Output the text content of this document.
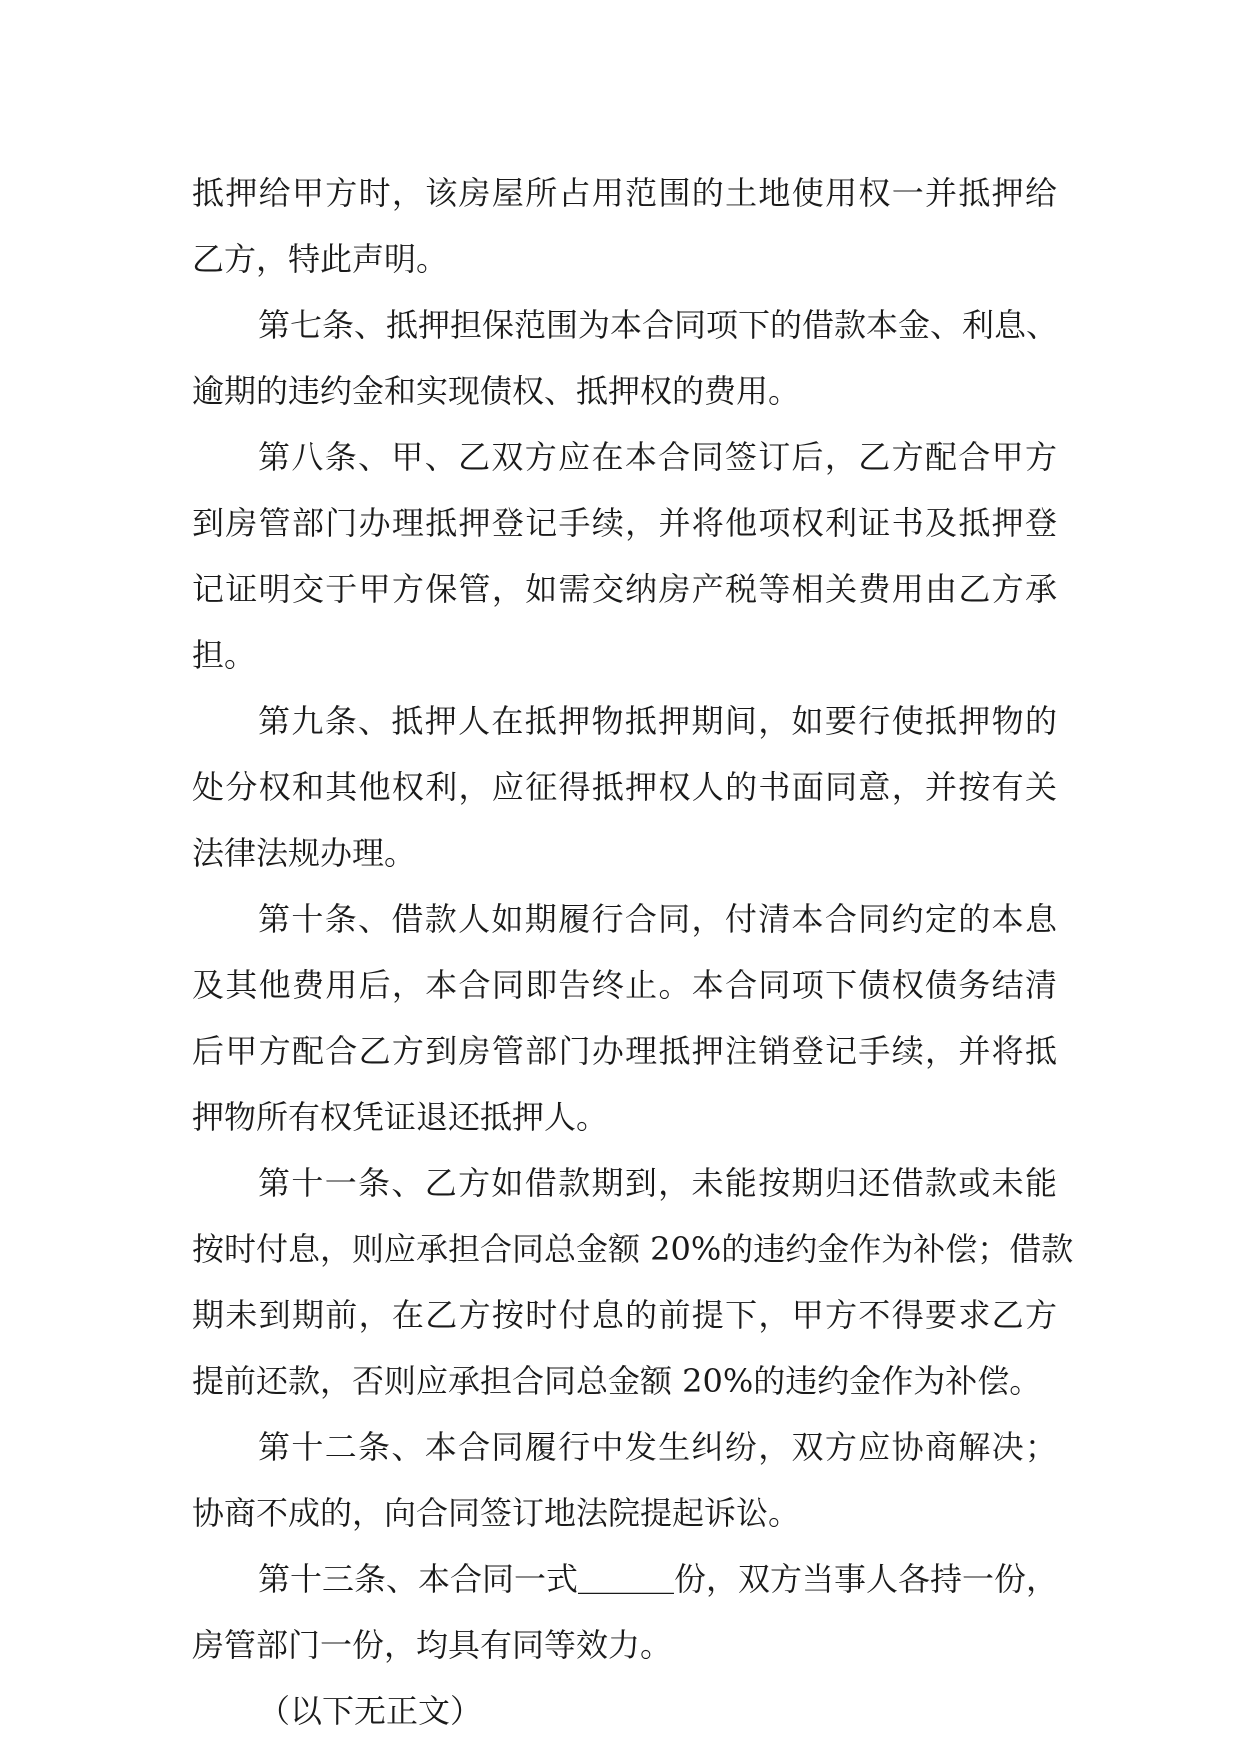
抵押给甲方时，该房屋所占用范围的土地使用权一并抵押给
乙方，特此声明。
第七条、抵押担保范围为本合同项下的借款本金、利息、
逾期的违约金和实现债权、抵押权的费用。
第八条、甲、乙双方应在本合同签订后，乙方配合甲方
到房管部门办理抵押登记手续，并将他项权利证书及抵押登
记证明交于甲方保管，如需交纳房产税等相关费用由乙方承
担。
第九条、抵押人在抵押物抵押期间，如要行使抵押物的
处分权和其他权利，应征得抵押权人的书面同意，并按有关
法律法规办理。
第十条、借款人如期履行合同，付清本合同约定的本息
及其他费用后，本合同即告终止。本合同项下债权债务结清
后甲方配合乙方到房管部门办理抵押注销登记手续，并将抵
押物所有权凭证退还抵押人。
第十一条、乙方如借款期到，未能按期归还借款或未能
按时付息，则应承担合同总金额 20%的违约金作为补偿；借款
期未到期前，在乙方按时付息的前提下，甲方不得要求乙方
提前还款，否则应承担合同总金额 20%的违约金作为补偿。
第十二条、本合同履行中发生纠纷，双方应协商解决；
协商不成的，向合同签订地法院提起诉讼。
第十三条、本合同一式＿＿＿份，双方当事人各持一份，
房管部门一份，均具有同等效力。
（以下无正文）
